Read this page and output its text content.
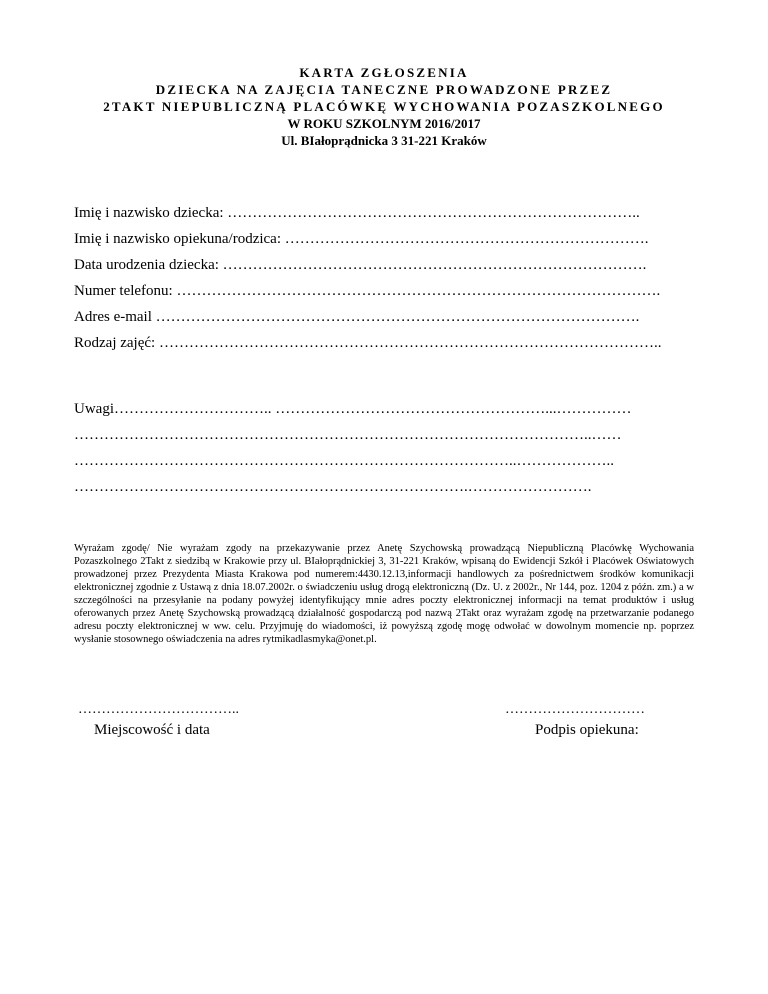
KARTA ZGŁOSZENIA
DZIECKA NA ZAJĘCIA TANECZNE PROWADZONE PRZEZ
2TAKT NIEPUBLICZNĄ PLACÓWKĘ WYCHOWANIA POZASZKOLNEGO
W ROKU SZKOLNYM 2016/2017
Ul. BIałoprądnicka 3 31-221 Kraków
Imię i nazwisko dziecka: ………………………………………………………………………..
Imię i nazwisko opiekuna/rodzica: ……………………………………………………………….
Data urodzenia dziecka: ………………………………………………………………………….
Numer telefonu: …………………………………………………………………………………….
Adres e-mail …………………………………………………………………………………….
Rodzaj zajęć: ………………………………………………………………………………………..
Uwagi………………………….. ………………………………………………...……………
…………………………………………………………………………………………..……
……………………………………………………………………………..………………..
…………………………………………………………………….…………………….
Wyrażam zgodę/ Nie wyrażam zgody na przekazywanie przez Anetę Szychowską prowadzącą Niepubliczną Placówkę Wychowania Pozaszkolnego 2Takt z siedzibą w Krakowie przy ul. BIałoprądnickiej 3, 31-221 Kraków, wpisaną do Ewidencji Szkół i Placówek Oświatowych prowadzonej przez Prezydenta Miasta Krakowa pod numerem:4430.12.13,informacji handlowych za pośrednictwem środków komunikacji elektronicznej zgodnie z Ustawą z dnia 18.07.2002r. o świadczeniu usług drogą elektroniczną (Dz. U. z 2002r., Nr 144, poz. 1204 z późn. zm.) a w szczególności na przesyłanie na podany powyżej identyfikujący mnie adres poczty elektronicznej informacji na temat produktów i usług oferowanych przez Anetę Szychowską prowadzącą działalność gospodarczą pod nazwą 2Takt oraz wyrażam zgodę na przetwarzanie podanego adresu poczty elektronicznej w ww. celu. Przyjmuję do wiadomości, iż powyższą zgodę mogę odwołać w dowolnym momencie np. poprzez wysłanie stosownego oświadczenia na adres rytmikadlasmyka@onet.pl.
……………………………..
Miejscowość i data
…………………………
Podpis opiekuna:
